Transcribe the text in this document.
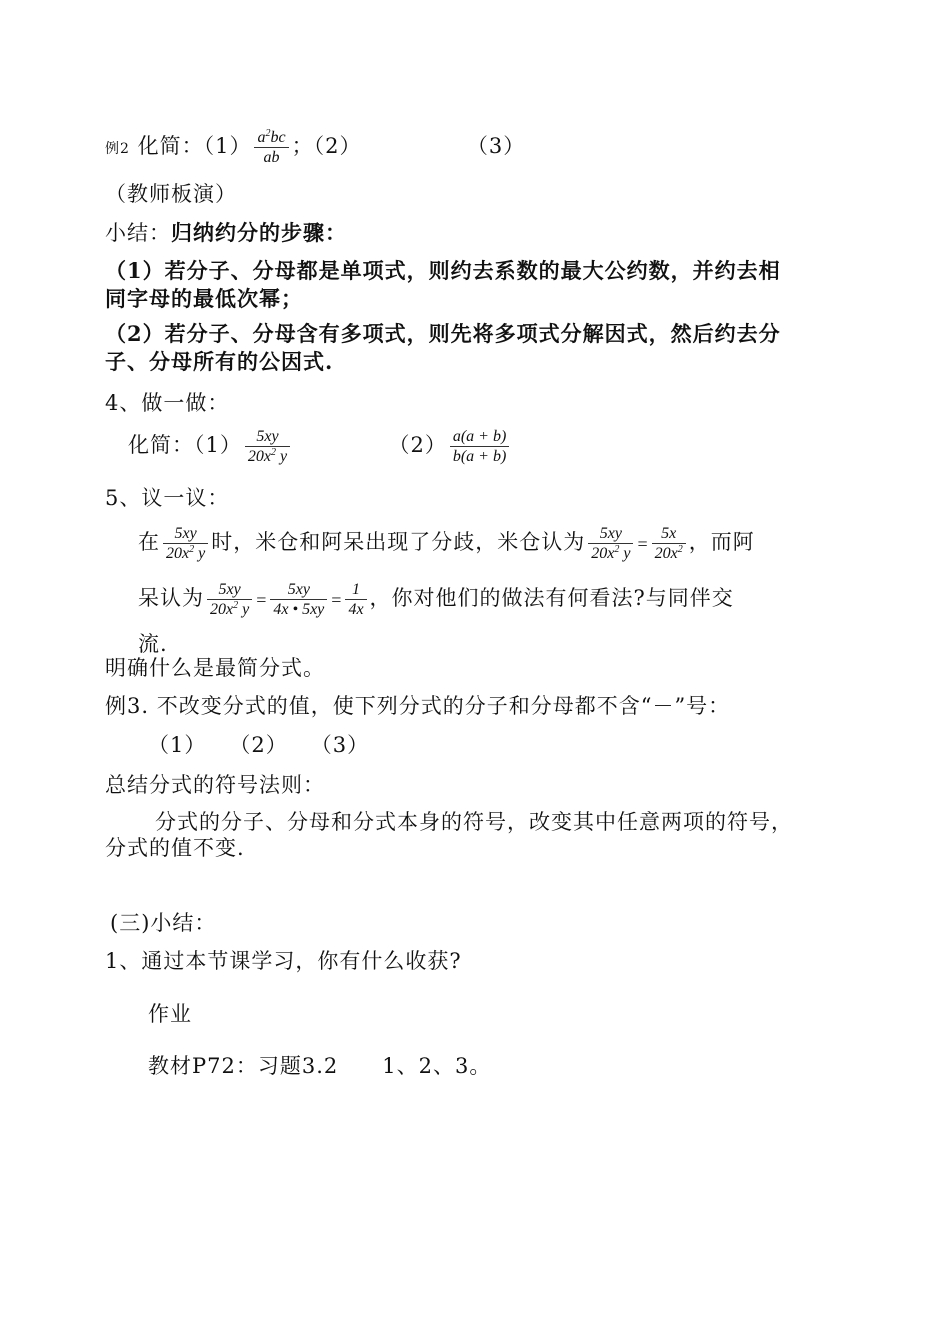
例2 化简：$(1) \frac{a^2bc}{ab}$ ；（2）	（3）
（教师板演）
小结：归纳约分的步骤：
（1）若分子、分母都是单项式，则约去系数的最大公约数，并约去相
同字母的最低次幂；
（2）若分子、分母含有多项式，则先将多项式分解因式，然后约去分
子、分母所有的公因式.
4、做一做：
化简：$(1) \frac{5xy}{20x^2 y}$	$(2) \frac{a(a + b)}{b(a + b)}$
5、议一议：
在 $\frac{5xy}{20x^2 y}$ 时，米仓和阿呆出现了分歧，米仓认为 $\frac{5xy}{20x^2 y} = \frac{5x}{20x^2}$ ，而阿
呆认为 $\frac{5xy}{20x^2 y} = \frac{5xy}{4x • 5xy} = \frac{1}{4x}$ ，你对他们的做法有何看法?与同伴交
流.
明确什么是最简分式。
例3. 不改变分式的值，使下列分式的分子和分母都不含“－”号：
（1）　　（2）　　（3）
总结分式的符号法则：
分式的分子、分母和分式本身的符号，改变其中任意两项的符号，
分式的值不变.
(三)小结：
1、通过本节课学习，你有什么收获?
作业
教材P72：习题3.2　　1、2、3。
